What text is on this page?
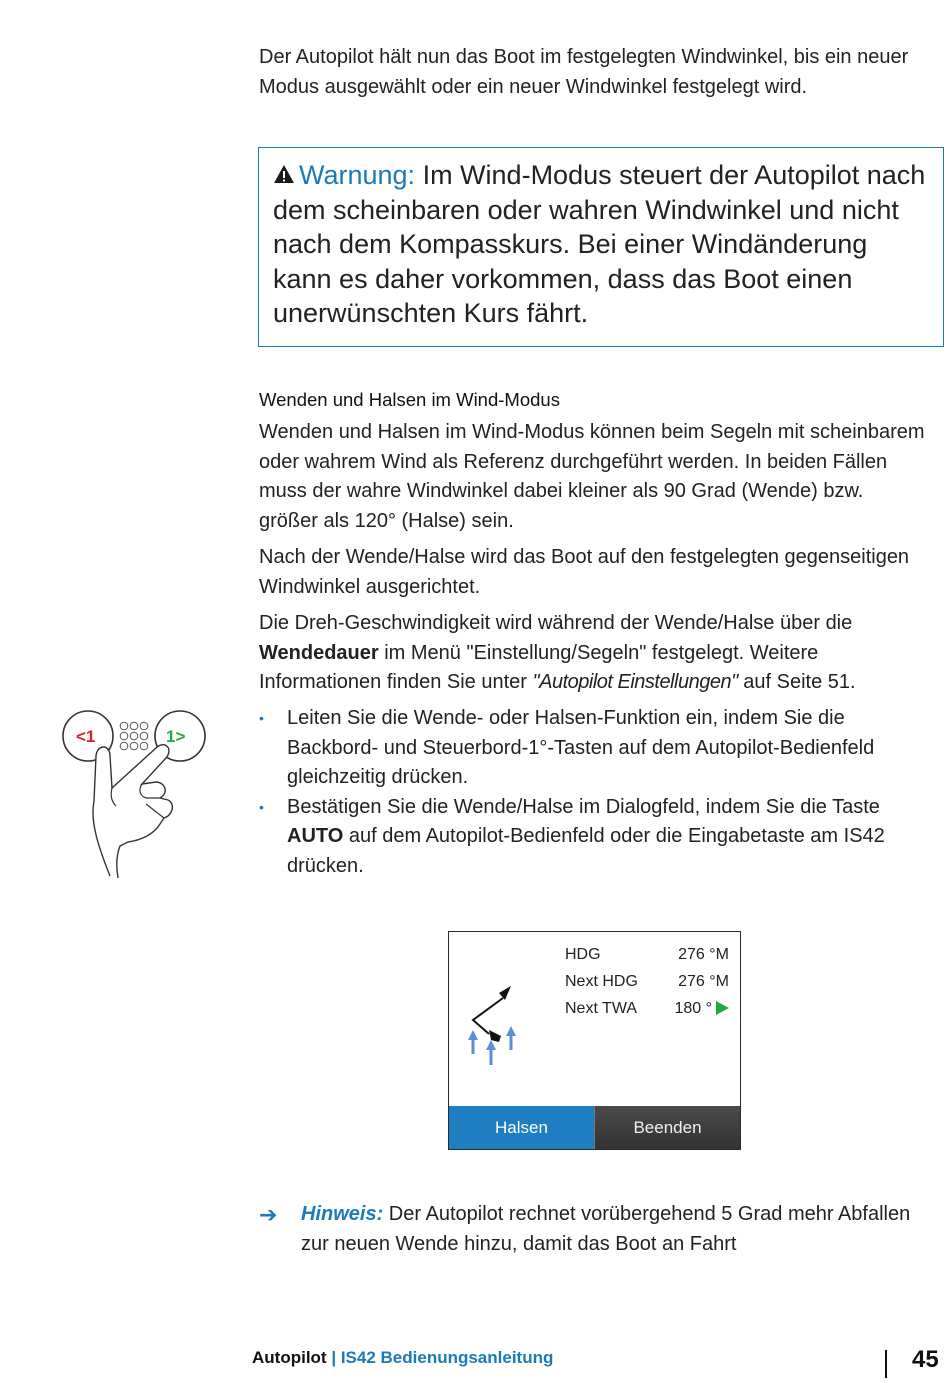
Der Autopilot hält nun das Boot im festgelegten Windwinkel, bis ein neuer Modus ausgewählt oder ein neuer Windwinkel festgelegt wird.

Warnung: Im Wind-Modus steuert der Autopilot nach dem scheinbaren oder wahren Windwinkel und nicht nach dem Kompasskurs. Bei einer Windänderung kann es daher vorkommen, dass das Boot einen unerwünschten Kurs fährt.

Wenden und Halsen im Wind-Modus

Wenden und Halsen im Wind-Modus können beim Segeln mit scheinbarem oder wahrem Wind als Referenz durchgeführt werden. In beiden Fällen muss der wahre Windwinkel dabei kleiner als 90 Grad (Wende) bzw. größer als 120° (Halse) sein.

Nach der Wende/Halse wird das Boot auf den festgelegten gegenseitigen Windwinkel ausgerichtet.

Die Dreh-Geschwindigkeit wird während der Wende/Halse über die Wendedauer im Menü "Einstellung/Segeln" festgelegt. Weitere Informationen finden Sie unter "Autopilot Einstellungen" auf Seite 51.

<1	1>
• Leiten Sie die Wende- oder Halsen-Funktion ein, indem Sie die Backbord- und Steuerbord-1°-Tasten auf dem Autopilot-Bedienfeld gleichzeitig drücken.
• Bestätigen Sie die Wende/Halse im Dialogfeld, indem Sie die Taste AUTO auf dem Autopilot-Bedienfeld oder die Eingabetaste am IS42 drücken.
HDG	276 °M
Next HDG	276 °M
Next TWA 180 °
Halsen	Beenden
➔ Hinweis: Der Autopilot rechnet vorübergehend 5 Grad mehr Abfallen zur neuen Wende hinzu, damit das Boot an Fahrt
Autopilot | IS42 Bedienungsanleitung	45
